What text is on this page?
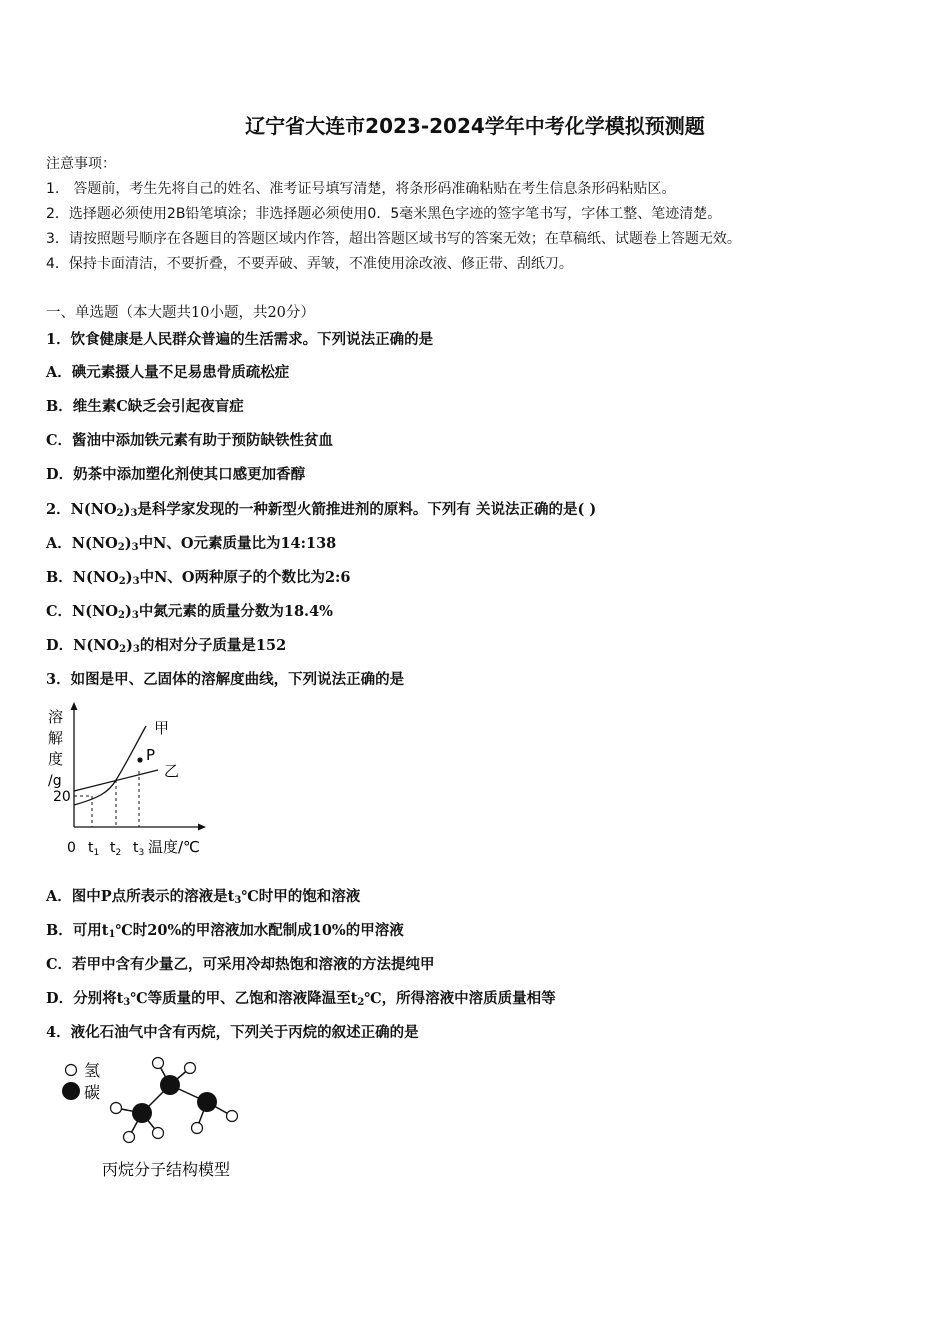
辽宁省大连市2023-2024学年中考化学模拟预测题
注意事项：
1.　答题前，考生先将自己的姓名、准考证号填写清楚，将条形码准确粘贴在考生信息条形码粘贴区。
2．选择题必须使用2B铅笔填涂；非选择题必须使用0．5毫米黑色字迹的签字笔书写，字体工整、笔迹清楚。
3．请按照题号顺序在各题目的答题区域内作答，超出答题区域书写的答案无效；在草稿纸、试题卷上答题无效。
4．保持卡面清洁，不要折叠，不要弄破、弄皱，不准使用涂改液、修正带、刮纸刀。
一、单选题（本大题共10小题，共20分）
1．饮食健康是人民群众普遍的生活需求。下列说法正确的是
A．碘元素摄人量不足易患骨质疏松症
B．维生素C缺乏会引起夜盲症
C．酱油中添加铁元素有助于预防缺铁性贫血
D．奶茶中添加塑化剂使其口感更加香醇
2．$N(NO_2)_3$是科学家发现的一种新型火箭推进剂的原料。下列有 关说法正确的是( )
A．$N(NO_2)_3$中N、O元素质量比为14:138
B．$N(NO_2)_3$中N、O两种原子的个数比为2:6
C．$N(NO_2)_3$中氮元素的质量分数为18.4%
D．$N(NO_2)_3$的相对分子质量是152
3．如图是甲、乙固体的溶解度曲线，下列说法正确的是
溶
解
度
/g
20
P
甲
乙
0 $t_1$ $t_2$ $t_3$ 温度/℃
A．图中P点所表示的溶液是$t_3℃$时甲的饱和溶液
B．可用$t_1℃$时20%的甲溶液加水配制成10%的甲溶液
C．若甲中含有少量乙，可采用冷却热饱和溶液的方法提纯甲
D．分别将$t_3℃$等质量的甲、乙饱和溶液降温至$t_2℃$，所得溶液中溶质质量相等
4．液化石油气中含有丙烷，下列关于丙烷的叙述正确的是
氢
碳
丙烷分子结构模型
